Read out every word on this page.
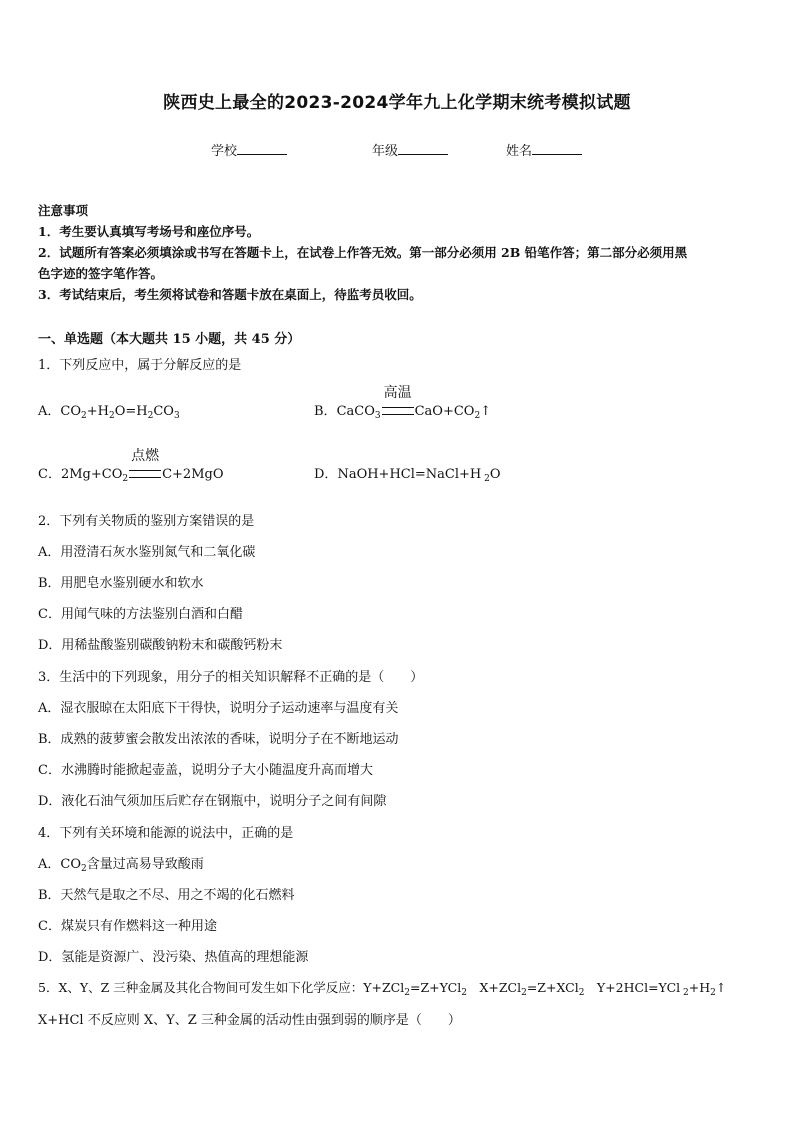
陕西史上最全的2023-2024学年九上化学期末统考模拟试题
学校	年级	姓名
注意事项
1．考生要认真填写考场号和座位序号。
2．试题所有答案必须填涂或书写在答题卡上，在试卷上作答无效。第一部分必须用 2B 铅笔作答；第二部分必须用黑
色字迹的签字笔作答。
3．考试结束后，考生须将试卷和答题卡放在桌面上，待监考员收回。
一、单选题（本大题共 15 小题，共 45 分）
1．下列反应中，属于分解反应的是
A．$CO_2+H_2O=H_2CO_3$	B．CaCO$_3$
高温
$CaO+CO_2↑$
C．$2Mg+CO_2$
点燃
C+2MgO	D．NaOH+HCl=NaCl+H $_2$O
2．下列有关物质的鉴别方案错误的是
A．用澄清石灰水鉴别氮气和二氧化碳
B．用肥皂水鉴别硬水和软水
C．用闻气味的方法鉴别白酒和白醋
D．用稀盐酸鉴别碳酸钠粉末和碳酸钙粉末
3．生活中的下列现象，用分子的相关知识解释不正确的是（　　）
A．湿衣服晾在太阳底下干得快，说明分子运动速率与温度有关
B．成熟的菠萝蜜会散发出浓浓的香味，说明分子在不断地运动
C．水沸腾时能掀起壶盖，说明分子大小随温度升高而增大
D．液化石油气须加压后贮存在钢瓶中，说明分子之间有间隙
4．下列有关环境和能源的说法中，正确的是
A．$CO_2$含量过高易导致酸雨
B．天然气是取之不尽、用之不竭的化石燃料
C．煤炭只有作燃料这一种用途
D．氢能是资源广、没污染、热值高的理想能源
5．X、Y、Z 三种金属及其化合物间可发生如下化学反应：Y+ZCl$_2$=Z+YCl$_2$　X+ZCl$_2$=Z+XCl$_2$　Y+2HCl=YCl $_2+H_2↑$
X+HCl 不反应则 X、Y、Z 三种金属的活动性由强到弱的顺序是（　　）
